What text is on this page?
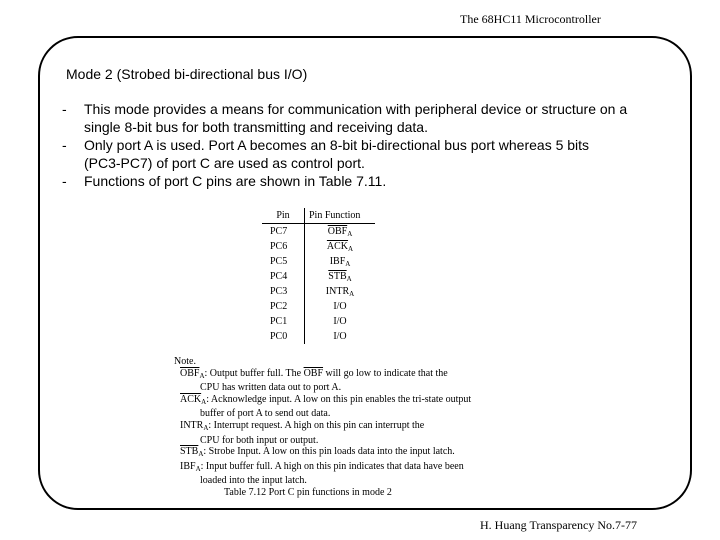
The 68HC11 Microcontroller
Mode 2 (Strobed bi-directional bus I/O)
- This mode provides a means for communication with peripheral device or structure on a
single 8-bit bus for both transmitting and receiving data.
- Only port A is used. Port A becomes an 8-bit bi-directional bus port whereas 5 bits
(PC3-PC7) of port C are used as control port.
- Functions of port C pins are shown in Table 7.11.
Pin	Pin Function
PC7	$\overline{OBF}_A$
PC6	$\overline{ACK}_A$
PC5	$IBF_A$
PC4	$\overline{STB}_A$
PC3	$INTR_A$
PC2	I/O
PC1	I/O
PC0	I/O
Note.
$\overline{OBF}_A$: Output buffer full. The $\overline{OBF}$ will go low to indicate that the
CPU has written data out to port A.
$\overline{ACK}_A$: Acknowledge input. A low on this pin enables the tri-state output
buffer of port A to send out data.
$INTR_A$: Interrupt request. A high on this pin can interrupt the
CPU for both input or output.
$\overline{STB}_A$: Strobe Input. A low on this pin loads data into the input latch.
$IBF_A$: Input buffer full. A high on this pin indicates that data have been
loaded into the input latch.
Table 7.12 Port C pin functions in mode 2
H. Huang Transparency No.7-77
